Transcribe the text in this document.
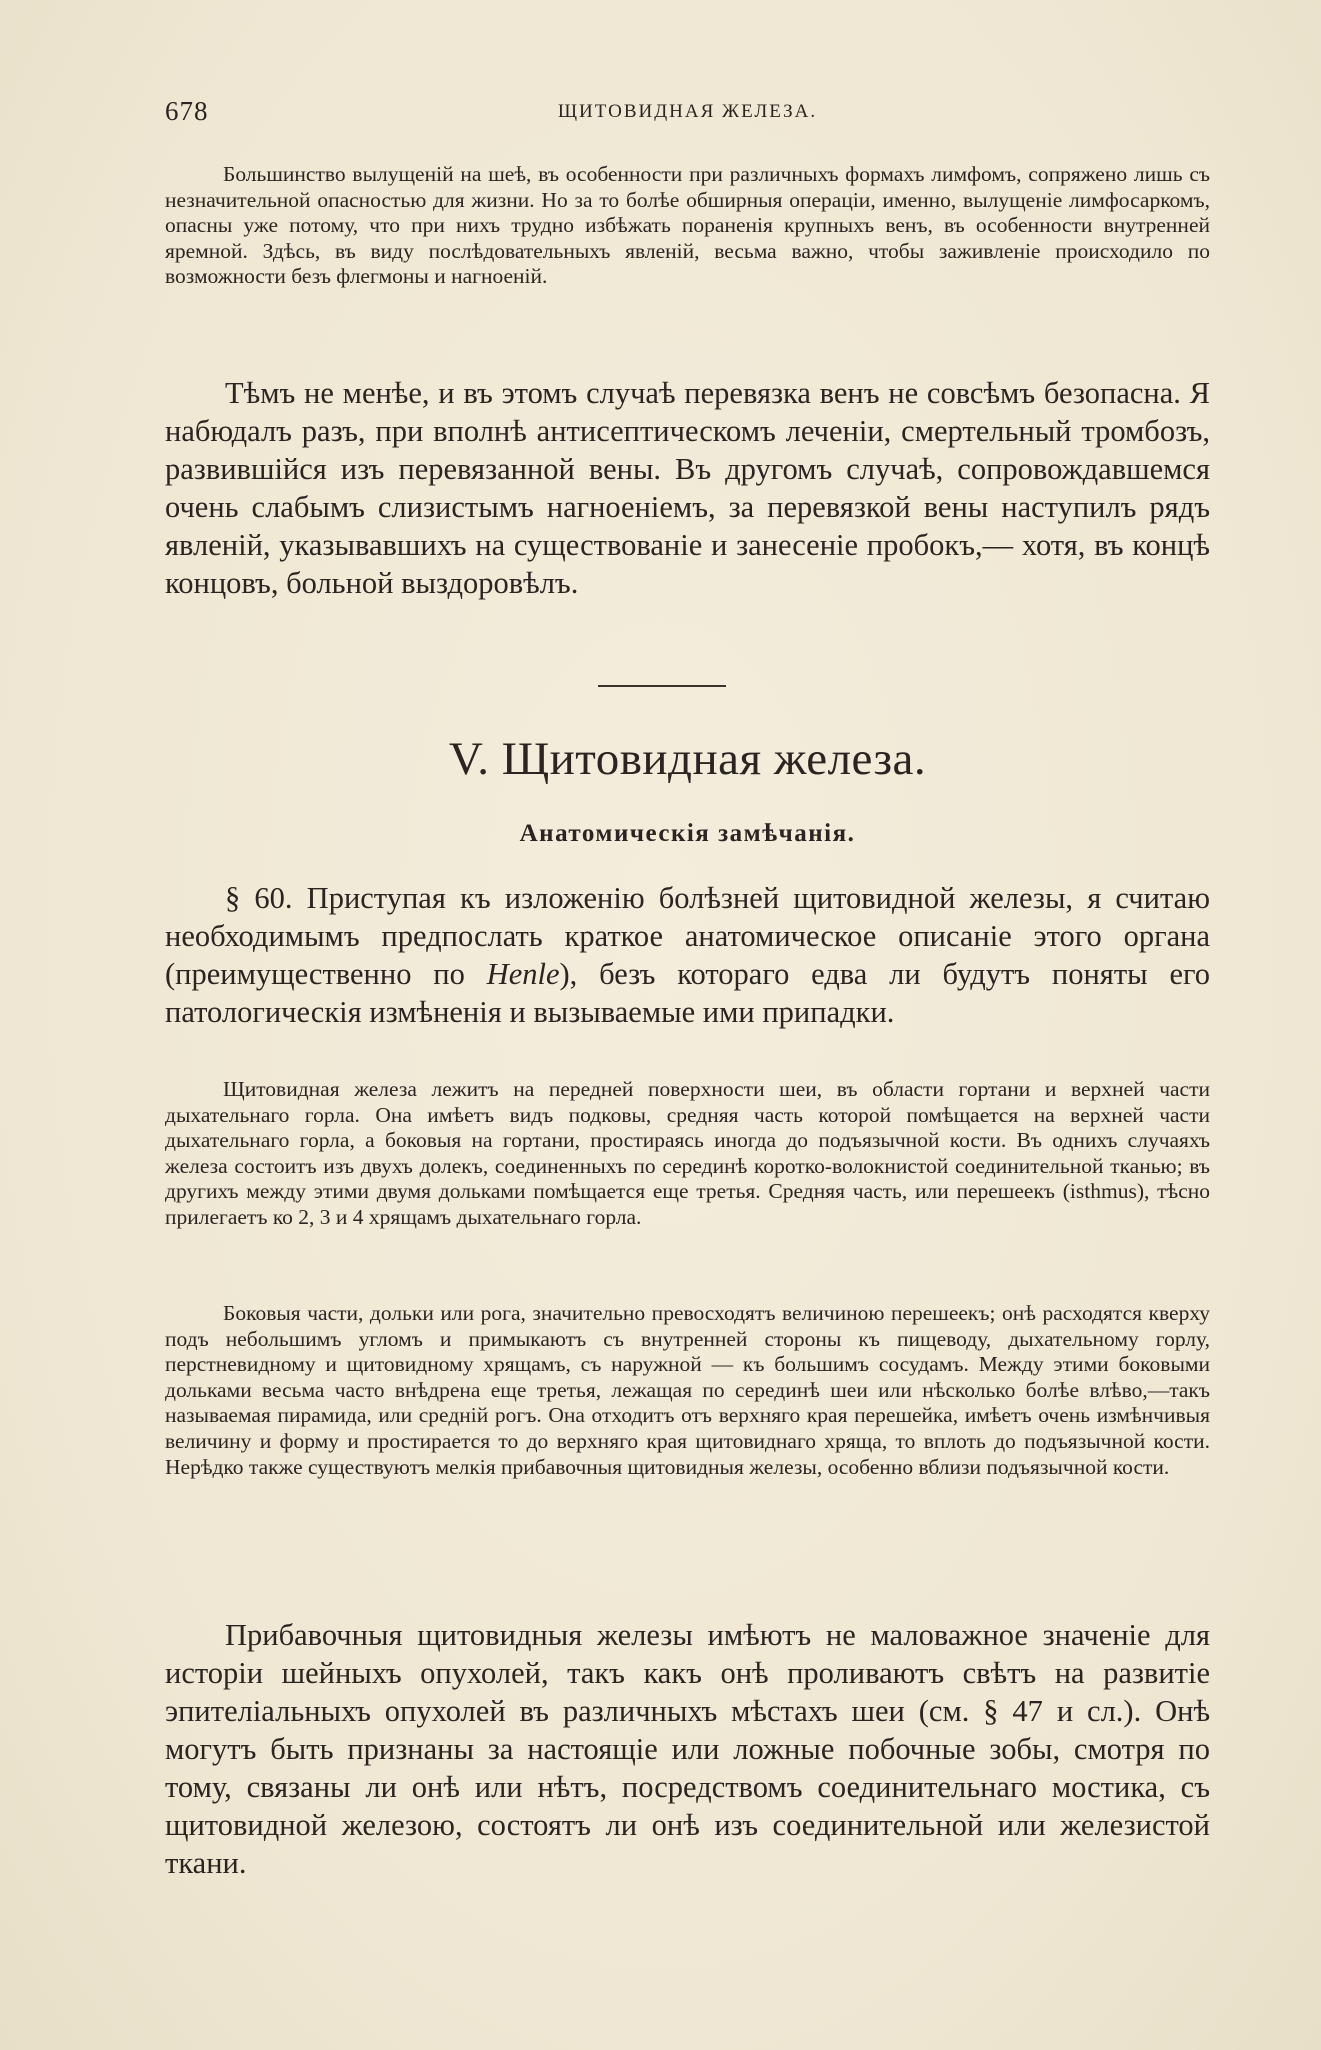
678	ЩИТОВИДНАЯ ЖЕЛЕЗА.

Большинство вылущеній на шеѣ, въ особенности при различныхъ формахъ лимфомъ, сопряжено лишь съ незначительной опасностью для жизни. Но за то болѣе обширныя операціи, именно, вылущеніе лимфосаркомъ, опасны уже потому, что при нихъ трудно избѣжать пораненія крупныхъ венъ, въ особенности внутренней яремной. Здѣсь, въ виду послѣдовательныхъ явленій, весьма важно, чтобы заживленіе происходило по возможности безъ флегмоны и нагноеній.

Тѣмъ не менѣе, и въ этомъ случаѣ перевязка венъ не совсѣмъ безопасна. Я набюдалъ разъ, при вполнѣ антисептическомъ леченіи, смертельный тромбозъ, развившійся изъ перевязанной вены. Въ другомъ случаѣ, сопровождавшемся очень слабымъ слизистымъ нагноеніемъ, за перевязкой вены наступилъ рядъ явленій, указывавшихъ на существованіе и занесеніе пробокъ,— хотя, въ концѣ концовъ, больной выздоровѣлъ.

V. Щитовидная железа.
Анатомическія замѣчанія.

§ 60. Приступая къ изложенію болѣзней щитовидной железы, я считаю необходимымъ предпослать краткое анатомическое описаніе этого органа (преимущественно по Henle), безъ котораго едва ли будутъ поняты его патологическія измѣненія и вызываемые ими припадки.

Щитовидная железа лежитъ на передней поверхности шеи, въ области гортани и верхней части дыхательнаго горла. Она имѣетъ видъ подковы, средняя часть которой помѣщается на верхней части дыхательнаго горла, а боковыя на гортани, простираясь иногда до подъязычной кости. Въ однихъ случаяхъ железа состоитъ изъ двухъ долекъ, соединенныхъ по серединѣ коротко-волокнистой соединительной тканью; въ другихъ между этими двумя дольками помѣщается еще третья. Средняя часть, или перешеекъ (isthmus), тѣсно прилегаетъ ко 2, 3 и 4 хрящамъ дыхательнаго горла.

Боковыя части, дольки или рога, значительно превосходятъ величиною перешеекъ; онѣ расходятся кверху подъ небольшимъ угломъ и примыкаютъ съ внутренней стороны къ пищеводу, дыхательному горлу, перстневидному и щитовидному хрящамъ, съ наружной — къ большимъ сосудамъ. Между этими боковыми дольками весьма часто внѣдрена еще третья, лежащая по серединѣ шеи или нѣсколько болѣе влѣво,—такъ называемая пирамида, или средній рогъ. Она отходитъ отъ верхняго края перешейка, имѣетъ очень измѣнчивыя величину и форму и простирается то до верхняго края щитовиднаго хряща, то вплоть до подъязычной кости. Нерѣдко также существуютъ мелкія прибавочныя щитовидныя железы, особенно вблизи подъязычной кости.

Прибавочныя щитовидныя железы имѣютъ не маловажное значеніе для исторіи шейныхъ опухолей, такъ какъ онѣ проливаютъ свѣтъ на развитіе эпителіальныхъ опухолей въ различныхъ мѣстахъ шеи (см. § 47 и сл.). Онѣ могутъ быть признаны за настоящіе или ложные побочные зобы, смотря по тому, связаны ли онѣ или нѣтъ, посредствомъ соединительнаго мостика, съ щитовидной железою, состоятъ ли онѣ изъ соединительной или железистой ткани.
